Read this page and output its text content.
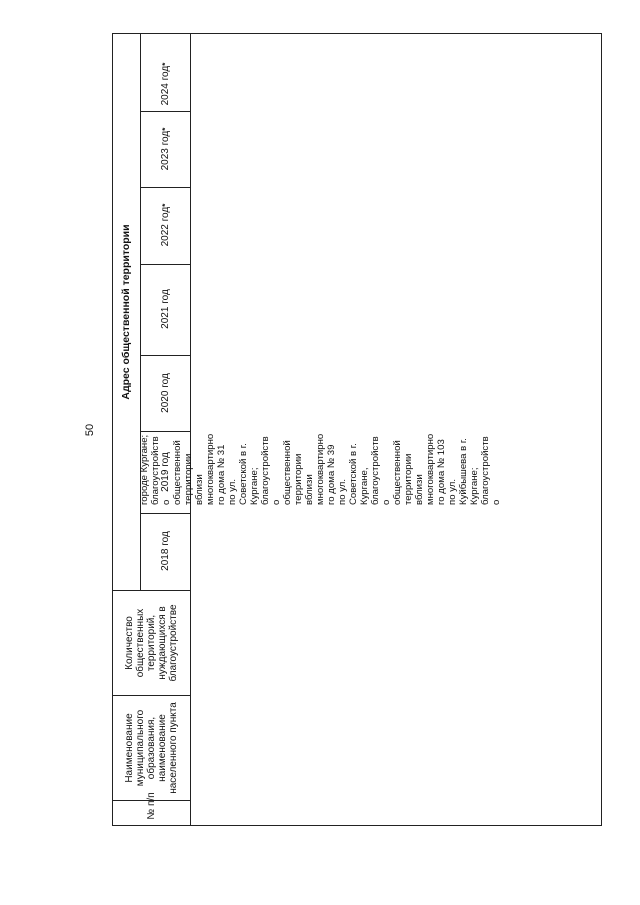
50
Адрес общественной территории
2024 год
*
2023 год
*
2022 год
*
2021 год
2020 год
2019 год
2018 год
Количество общественных территорий, нуждающихся в благоустройстве
Наименование муниципального образования, наименование населенного пункта
№ п/п
городе Кургане; благоустройств о общественной территории вблизи многоквартирно го дома № 31 по ул. Советской в г. Кургане; благоустройств о общественной территории вблизи многоквартирно го дома № 39 по ул. Советской в г. Кургане, благоустройств о общественной территории вблизи многоквартирно го дома № 103 по ул. Куйбышева в г. Кургане; благоустройств о
